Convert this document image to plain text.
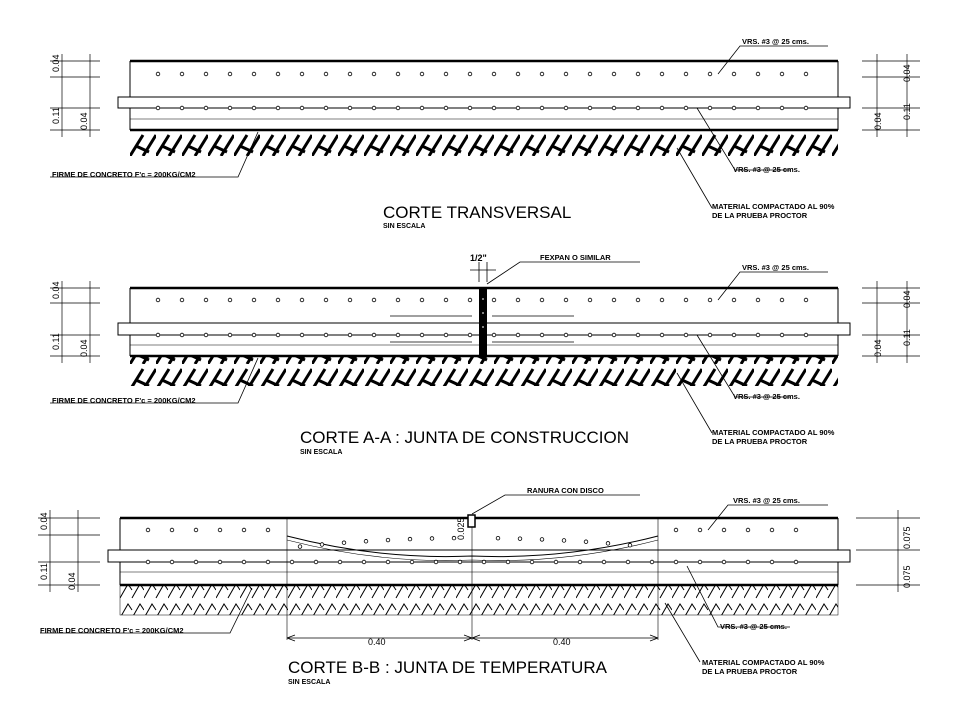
0.04
0.11 0.04
0.04
0.11
0.04
VRS. #3 @ 25 cms.
VRS. #3 @ 25 cms.
FIRME DE CONCRETO F'c = 200KG/CM2
MATERIAL COMPACTADO AL 90%
DE LA PRUEBA PROCTOR
CORTE TRANSVERSAL
SIN ESCALA
0.04
0.11 0.04
0.04
0.11
0.04
1/2"	FEXPAN O SIMILAR
VRS. #3 @ 25 cms.
VRS. #3 @ 25 cms.
FIRME DE CONCRETO F'c = 200KG/CM2
MATERIAL COMPACTADO AL 90%
DE LA PRUEBA PROCTOR
CORTE A-A : JUNTA DE CONSTRUCCION
SIN ESCALA
0.40	0.40
0.04
0.11
0.04
0.075
0.075
0.025
RANURA CON DISCO
VRS. #3 @ 25 cms.
VRS. #3 @ 25 cms.
FIRME DE CONCRETO F'c = 200KG/CM2
MATERIAL COMPACTADO AL 90%
DE LA PRUEBA PROCTOR
CORTE B-B : JUNTA DE TEMPERATURA
SIN ESCALA
